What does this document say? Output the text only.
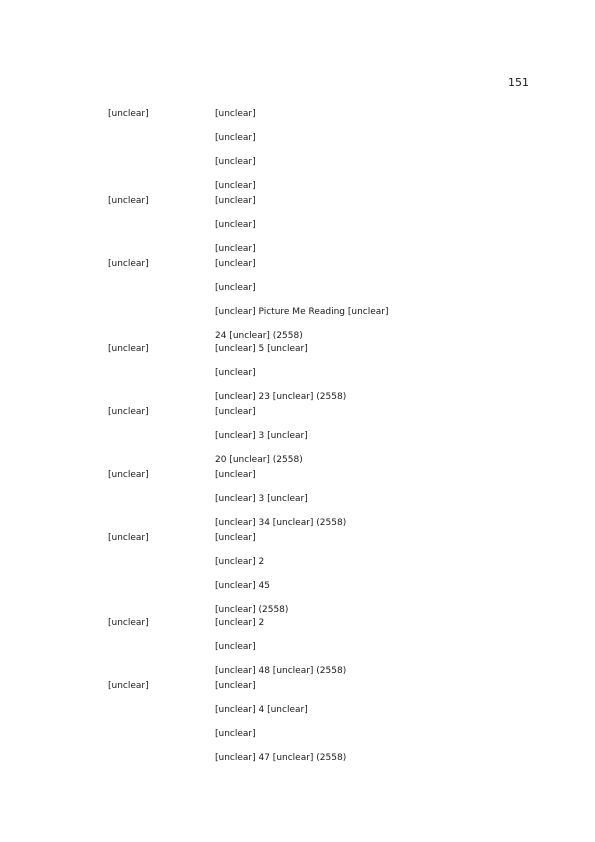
151
[unclear]	[unclear]
[unclear]
[unclear]
[unclear]
[unclear]	[unclear]
[unclear]
[unclear]
[unclear]	[unclear]
[unclear]
[unclear] Picture Me Reading [unclear]
24 [unclear] (2558)
[unclear]	[unclear] 5 [unclear]
[unclear]
[unclear] 23 [unclear] (2558)
[unclear]	[unclear]
[unclear] 3 [unclear]
20 [unclear] (2558)
[unclear]	[unclear]
[unclear] 3 [unclear]
[unclear] 34 [unclear] (2558)
[unclear]	[unclear]
[unclear] 2
[unclear] 45
[unclear] (2558)
[unclear]	[unclear] 2
[unclear]
[unclear] 48 [unclear] (2558)
[unclear]	[unclear]
[unclear] 4 [unclear]
[unclear]
[unclear] 47 [unclear] (2558)
